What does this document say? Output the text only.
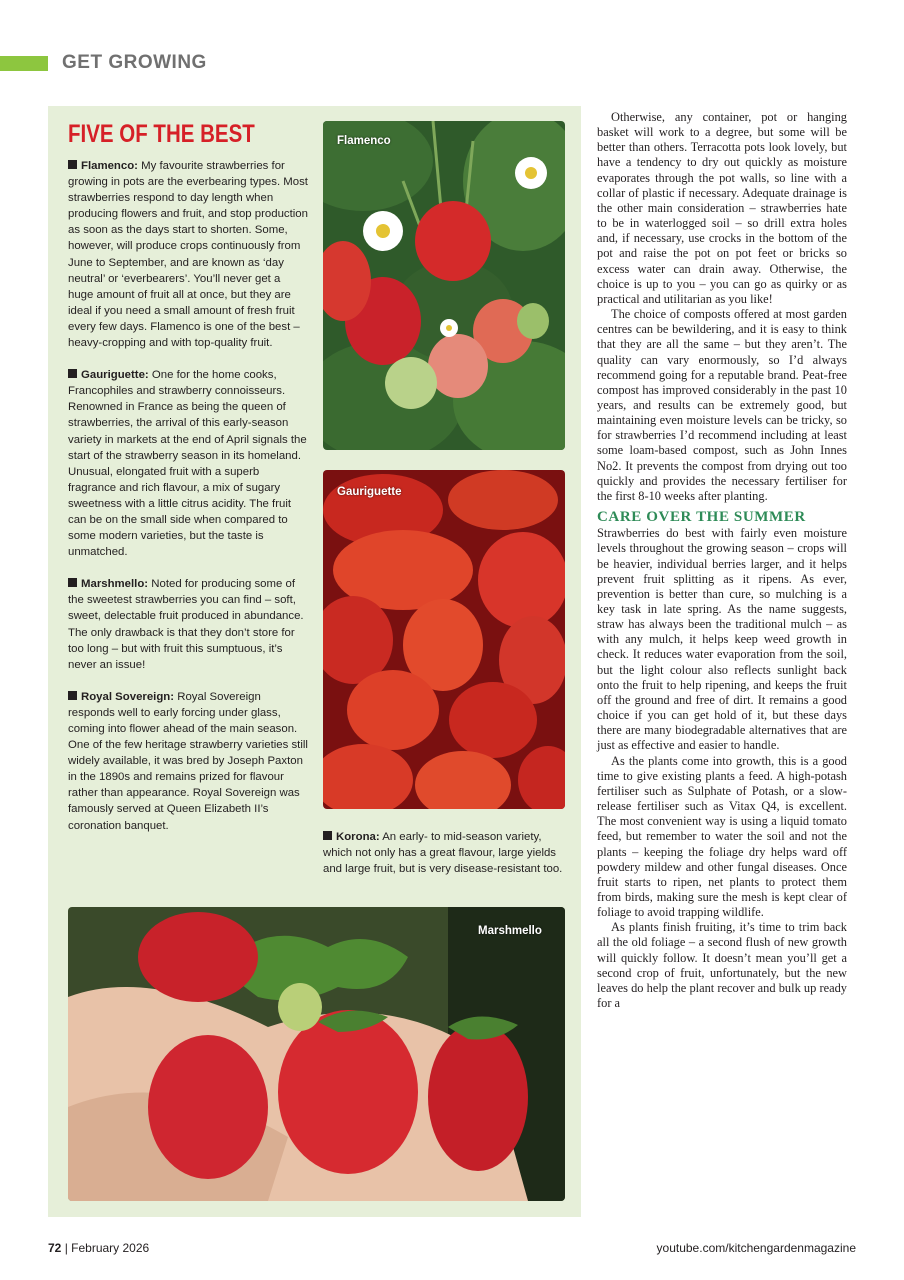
GET GROWING
FIVE OF THE BEST

Flamenco: My favourite strawberries for growing in pots are the everbearing types. Most strawberries respond to day length when producing flowers and fruit, and stop production as soon as the days start to shorten. Some, however, will produce crops continuously from June to September, and are known as ‘day neutral’ or ‘everbearers’. You’ll never get a huge amount of fruit all at once, but they are ideal if you need a small amount of fresh fruit every few days. Flamenco is one of the best – heavy-cropping and with top-quality fruit.

Gauriguette: One for the home cooks, Francophiles and strawberry connoisseurs. Renowned in France as being the queen of strawberries, the arrival of this early-season variety in markets at the end of April signals the start of the strawberry season in its homeland. Unusual, elongated fruit with a superb fragrance and rich flavour, a mix of sugary sweetness with a little citrus acidity. The fruit can be on the small side when compared to some modern varieties, but the taste is unmatched.

Marshmello: Noted for producing some of the sweetest strawberries you can find – soft, sweet, delectable fruit produced in abundance. The only drawback is that they don’t store for too long – but with fruit this sumptuous, it’s never an issue!

Royal Sovereign: Royal Sovereign responds well to early forcing under glass, coming into flower ahead of the main season. One of the few heritage strawberry varieties still widely available, it was bred by Joseph Paxton in the 1890s and remains prized for flavour rather than appearance. Royal Sovereign was famously served at Queen Elizabeth II’s coronation banquet.

Flamenco
Gauriguette
Korona: An early- to mid-season variety, which not only has a great flavour, large yields and large fruit, but is very disease-resistant too.
Marshmello

Otherwise, any container, pot or hanging basket will work to a degree, but some will be better than others. Terracotta pots look lovely, but have a tendency to dry out quickly as moisture evaporates through the pot walls, so line with a collar of plastic if necessary. Adequate drainage is the other main consideration – strawberries hate to be in waterlogged soil – so drill extra holes and, if necessary, use crocks in the bottom of the pot and raise the pot on pot feet or bricks so excess water can drain away. Otherwise, the choice is up to you – you can go as quirky or as practical and utilitarian as you like!

The choice of composts offered at most garden centres can be bewildering, and it is easy to think that they are all the same – but they aren’t. The quality can vary enormously, so I’d always recommend going for a reputable brand. Peat-free compost has improved considerably in the past 10 years, and results can be extremely good, but maintaining even moisture levels can be tricky, so for strawberries I’d recommend including at least some loam-based compost, such as John Innes No2. It prevents the compost from drying out too quickly and provides the necessary fertiliser for the first 8-10 weeks after planting.

CARE OVER THE SUMMER

Strawberries do best with fairly even moisture levels throughout the growing season – crops will be heavier, individual berries larger, and it helps prevent fruit splitting as it ripens. As ever, prevention is better than cure, so mulching is a key task in late spring. As the name suggests, straw has always been the traditional mulch – as with any mulch, it helps keep weed growth in check. It reduces water evaporation from the soil, but the light colour also reflects sunlight back onto the fruit to help ripening, and keeps the fruit off the ground and free of dirt. It remains a good choice if you can get hold of it, but these days there are many biodegradable alternatives that are just as effective and easier to handle.

As the plants come into growth, this is a good time to give existing plants a feed. A high-potash fertiliser such as Sulphate of Potash, or a slow-release fertiliser such as Vitax Q4, is excellent. The most convenient way is using a liquid tomato feed, but remember to water the soil and not the plants – keeping the foliage dry helps ward off powdery mildew and other fungal diseases. Once fruit starts to ripen, net plants to protect them from birds, making sure the mesh is kept clear of foliage to avoid trapping wildlife.

As plants finish fruiting, it’s time to trim back all the old foliage – a second flush of new growth will quickly follow. It doesn’t mean you’ll get a second crop of fruit, unfortunately, but the new leaves do help the plant recover and bulk up ready for a

72 | February 2026	youtube.com/kitchengardenmagazine
